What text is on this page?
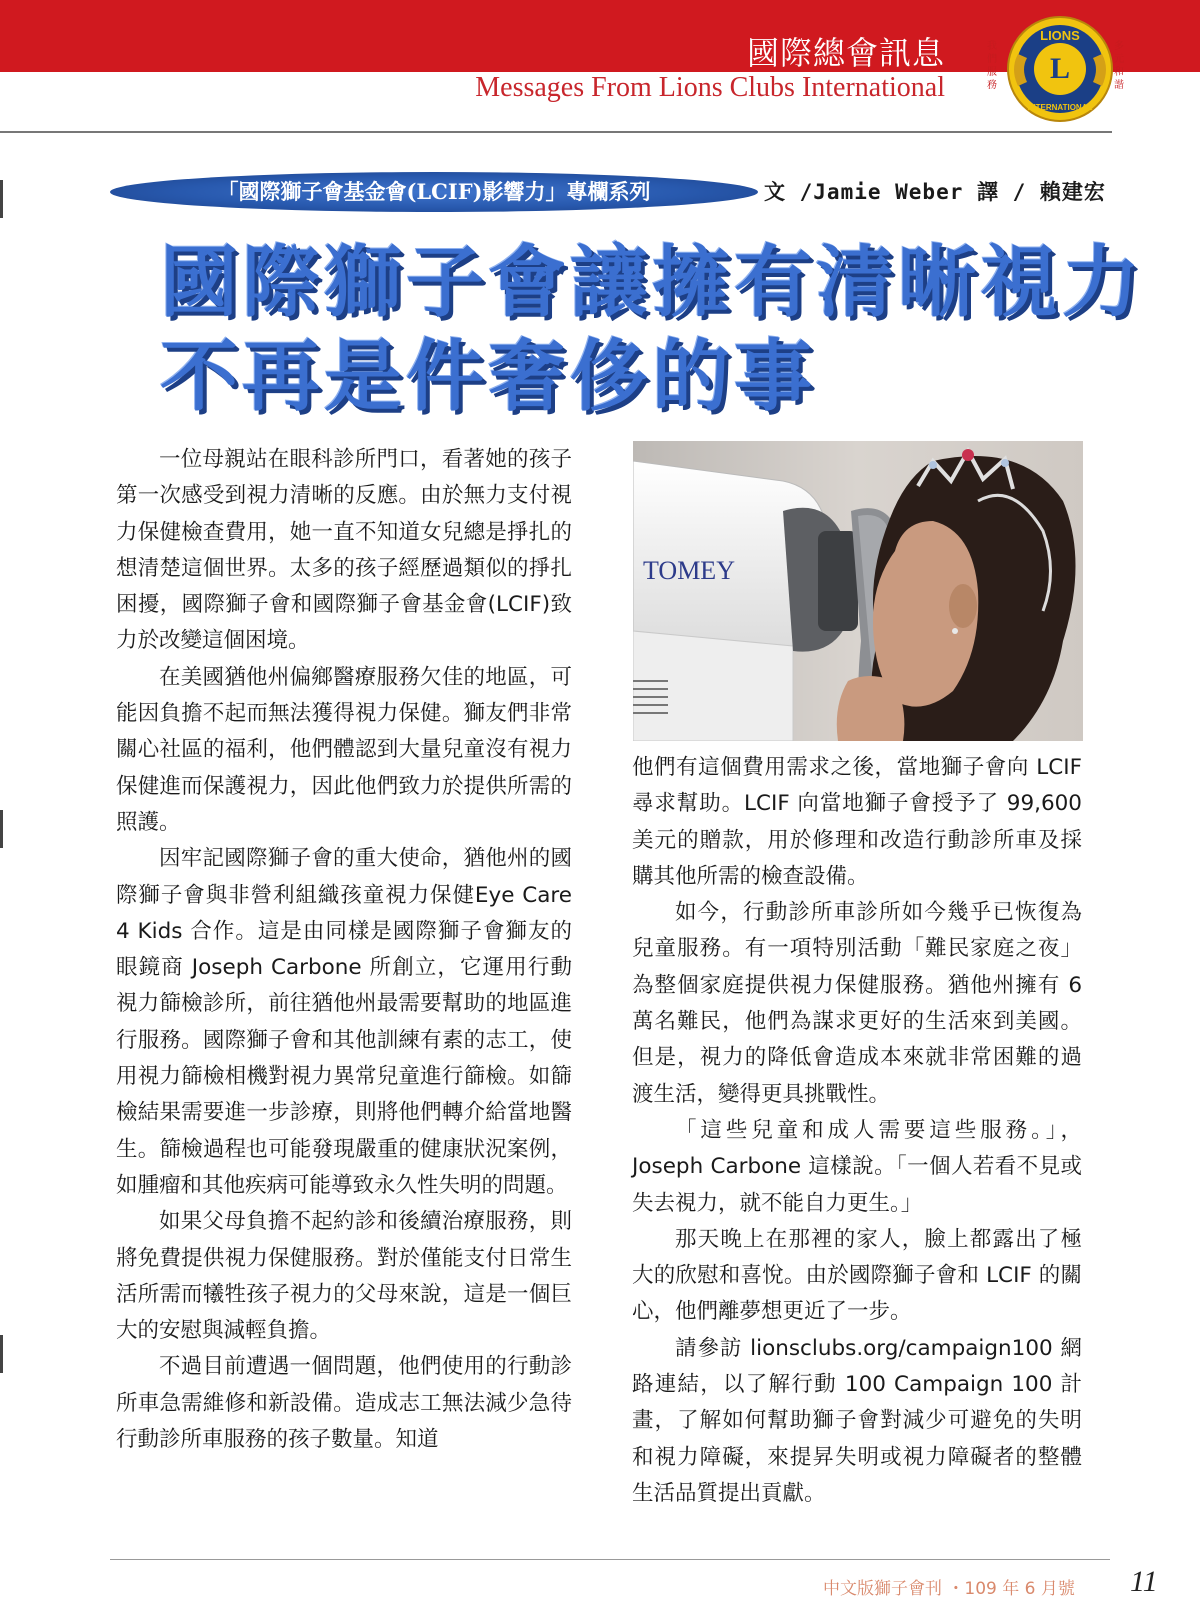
國際總會訊息
Messages From Lions Clubs International
我們服務
多元和諧
L
LIONS
INTERNATIONAL
「國際獅子會基金會(LCIF)影響力」專欄系列	文 /Jamie Weber 譯 / 賴建宏
國際獅子會讓擁有清晰視力
不再是件奢侈的事

一位母親站在眼科診所門口，看著她的孩子第一次感受到視力清晰的反應。由於無力支付視力保健檢查費用，她一直不知道女兒總是掙扎的想清楚這個世界。太多的孩子經歷過類似的掙扎困擾，國際獅子會和國際獅子會基金會(LCIF)致力於改變這個困境。

在美國猶他州偏鄉醫療服務欠佳的地區，可能因負擔不起而無法獲得視力保健。獅友們非常關心社區的福利，他們體認到大量兒童沒有視力保健進而保護視力，因此他們致力於提供所需的照護。

因牢記國際獅子會的重大使命，猶他州的國際獅子會與非營利組織孩童視力保健Eye Care 4 Kids 合作。這是由同樣是國際獅子會獅友的眼鏡商 Joseph Carbone 所創立，它運用行動視力篩檢診所，前往猶他州最需要幫助的地區進行服務。國際獅子會和其他訓練有素的志工，使用視力篩檢相機對視力異常兒童進行篩檢。如篩檢結果需要進一步診療，則將他們轉介給當地醫生。篩檢過程也可能發現嚴重的健康狀況案例，如腫瘤和其他疾病可能導致永久性失明的問題。

如果父母負擔不起約診和後續治療服務，則將免費提供視力保健服務。對於僅能支付日常生活所需而犧牲孩子視力的父母來說，這是一個巨大的安慰與減輕負擔。

不過目前遭遇一個問題，他們使用的行動診所車急需維修和新設備。造成志工無法減少急待行動診所車服務的孩子數量。知道

TOMEY

他們有這個費用需求之後，當地獅子會向 LCIF 尋求幫助。LCIF 向當地獅子會授予了 99,600 美元的贈款，用於修理和改造行動診所車及採購其他所需的檢查設備。

如今，行動診所車診所如今幾乎已恢復為兒童服務。有一項特別活動「難民家庭之夜」為整個家庭提供視力保健服務。猶他州擁有 6 萬名難民，他們為謀求更好的生活來到美國。但是，視力的降低會造成本來就非常困難的過渡生活，變得更具挑戰性。

「這些兒童和成人需要這些服務。」，Joseph Carbone 這樣說。「一個人若看不見或失去視力，就不能自力更生。」

那天晚上在那裡的家人，臉上都露出了極大的欣慰和喜悅。由於國際獅子會和 LCIF 的關心，他們離夢想更近了一步。

請參訪 lionsclubs.org/campaign100 網路連結，以了解行動 100 Campaign 100 計畫，了解如何幫助獅子會對減少可避免的失明和視力障礙，來提昇失明或視力障礙者的整體生活品質提出貢獻。

中文版獅子會刊 ・109 年 6 月號 11
